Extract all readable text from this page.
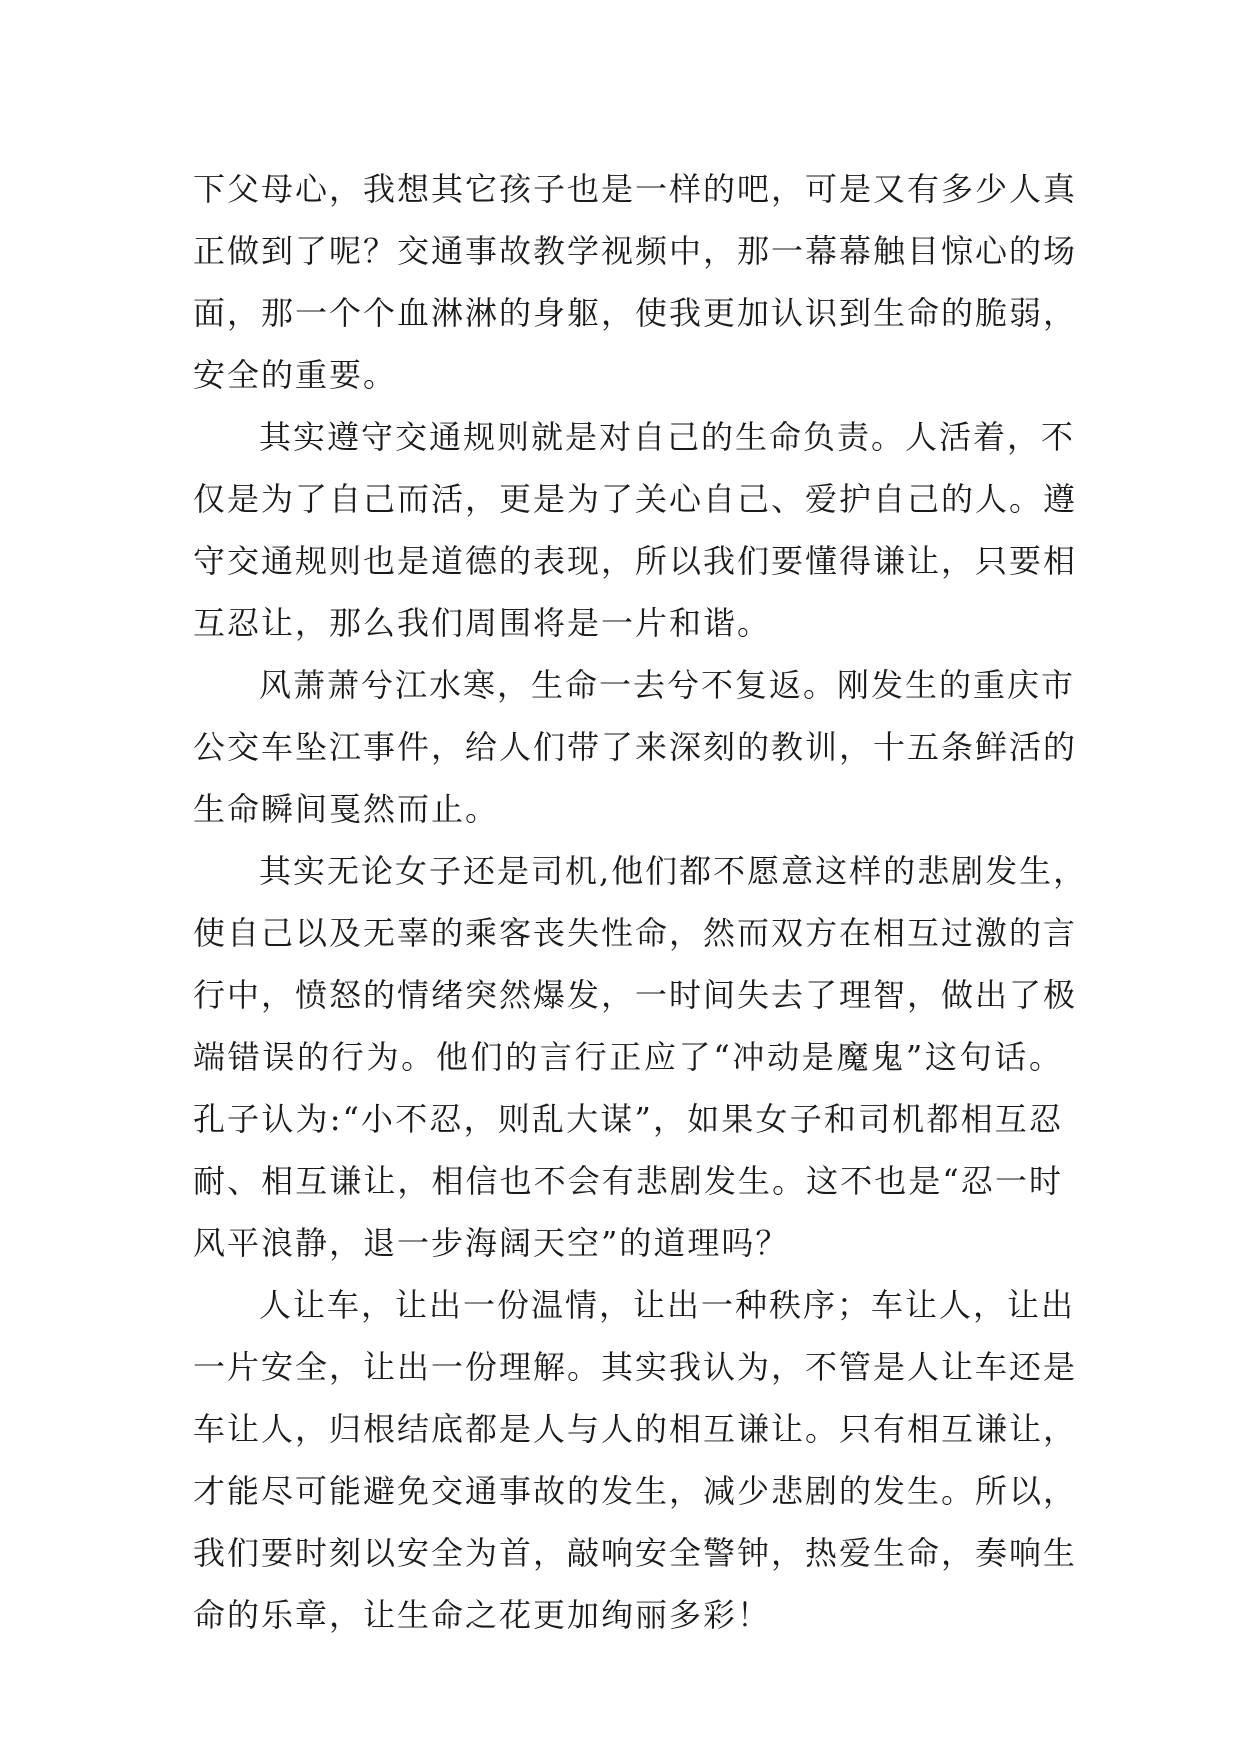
下父母心，我想其它孩子也是一样的吧，可是又有多少人真
正做到了呢？交通事故教学视频中，那一幕幕触目惊心的场
面，那一个个血淋淋的身躯，使我更加认识到生命的脆弱，
安全的重要。
其实遵守交通规则就是对自己的生命负责。人活着，不
仅是为了自己而活，更是为了关心自己、爱护自己的人。遵
守交通规则也是道德的表现，所以我们要懂得谦让，只要相
互忍让，那么我们周围将是一片和谐。
风萧萧兮江水寒，生命一去兮不复返。刚发生的重庆市
公交车坠江事件，给人们带了来深刻的教训，十五条鲜活的
生命瞬间戛然而止。
其实无论女子还是司机,他们都不愿意这样的悲剧发生，
使自己以及无辜的乘客丧失性命，然而双方在相互过激的言
行中，愤怒的情绪突然爆发，一时间失去了理智，做出了极
端错误的行为。他们的言行正应了“冲动是魔鬼”这句话。
孔子认为:“小不忍，则乱大谋”，如果女子和司机都相互忍
耐、相互谦让，相信也不会有悲剧发生。这不也是“忍一时
风平浪静，退一步海阔天空”的道理吗？
人让车，让出一份温情，让出一种秩序；车让人，让出
一片安全，让出一份理解。其实我认为，不管是人让车还是
车让人，归根结底都是人与人的相互谦让。只有相互谦让，
才能尽可能避免交通事故的发生，减少悲剧的发生。所以，
我们要时刻以安全为首，敲响安全警钟，热爱生命，奏响生
命的乐章，让生命之花更加绚丽多彩！
